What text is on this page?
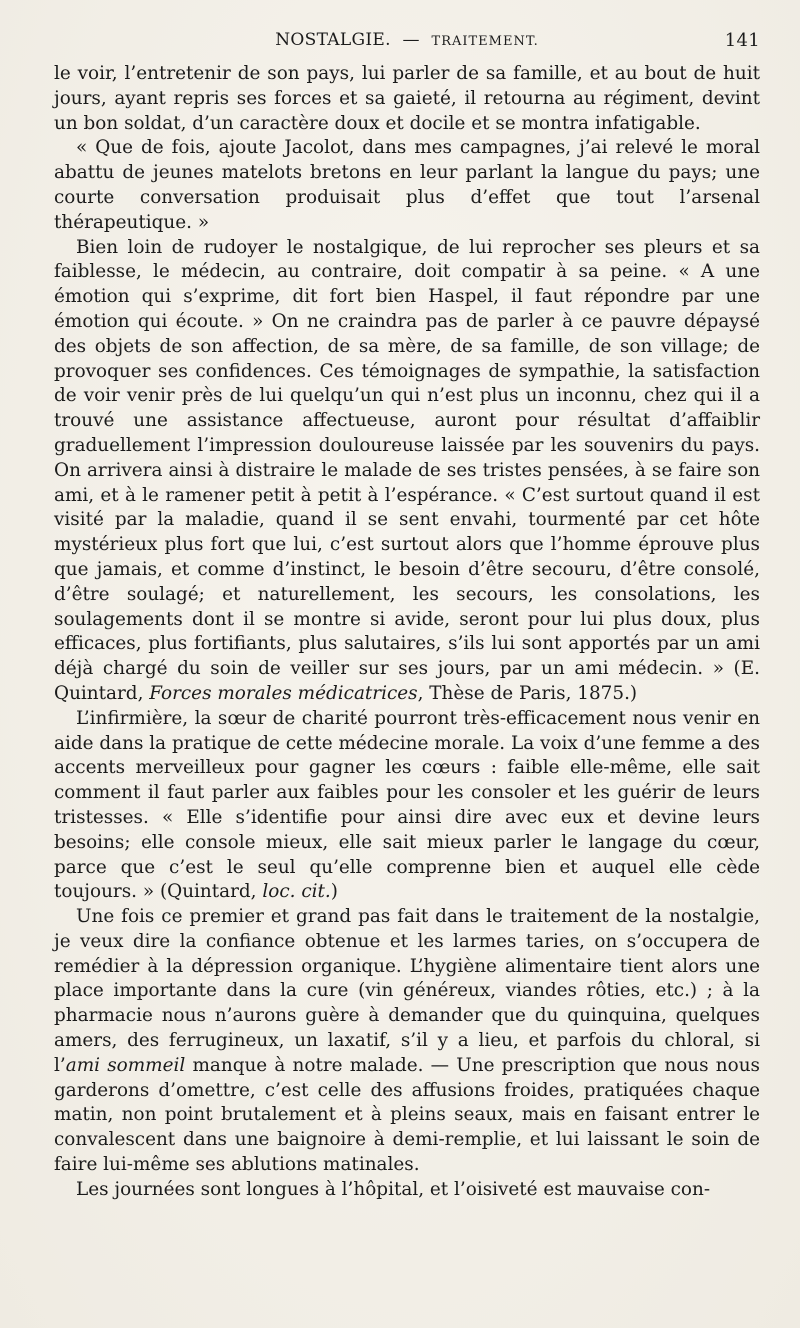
NOSTALGIE. — TRAITEMENT.	141

le voir, l’entretenir de son pays, lui parler de sa famille, et au bout de huit jours, ayant repris ses forces et sa gaieté, il retourna au régiment, devint un bon soldat, d’un caractère doux et docile et se montra infatigable.

« Que de fois, ajoute Jacolot, dans mes campagnes, j’ai relevé le moral abattu de jeunes matelots bretons en leur parlant la langue du pays; une courte conversation produisait plus d’effet que tout l’arsenal thérapeutique. »

Bien loin de rudoyer le nostalgique, de lui reprocher ses pleurs et sa faiblesse, le médecin, au contraire, doit compatir à sa peine. « A une émotion qui s’exprime, dit fort bien Haspel, il faut répondre par une émotion qui écoute. » On ne craindra pas de parler à ce pauvre dépaysé des objets de son affection, de sa mère, de sa famille, de son village; de provoquer ses confidences. Ces témoignages de sympathie, la satisfaction de voir venir près de lui quelqu’un qui n’est plus un inconnu, chez qui il a trouvé une assistance affectueuse, auront pour résultat d’affaiblir graduellement l’impression douloureuse laissée par les souvenirs du pays. On arrivera ainsi à distraire le malade de ses tristes pensées, à se faire son ami, et à le ramener petit à petit à l’espérance. « C’est surtout quand il est visité par la maladie, quand il se sent envahi, tourmenté par cet hôte mystérieux plus fort que lui, c’est surtout alors que l’homme éprouve plus que jamais, et comme d’instinct, le besoin d’être secouru, d’être consolé, d’être soulagé; et naturellement, les secours, les consolations, les soulagements dont il se montre si avide, seront pour lui plus doux, plus efficaces, plus fortifiants, plus salutaires, s’ils lui sont apportés par un ami déjà chargé du soin de veiller sur ses jours, par un ami médecin. » (E. Quintard, Forces morales médicatrices, Thèse de Paris, 1875.)

L’infirmière, la sœur de charité pourront très-efficacement nous venir en aide dans la pratique de cette médecine morale. La voix d’une femme a des accents merveilleux pour gagner les cœurs : faible elle-même, elle sait comment il faut parler aux faibles pour les consoler et les guérir de leurs tristesses. « Elle s’identifie pour ainsi dire avec eux et devine leurs besoins; elle console mieux, elle sait mieux parler le langage du cœur, parce que c’est le seul qu’elle comprenne bien et auquel elle cède toujours. » (Quintard, loc. cit.)

Une fois ce premier et grand pas fait dans le traitement de la nostalgie, je veux dire la confiance obtenue et les larmes taries, on s’occupera de remédier à la dépression organique. L’hygiène alimentaire tient alors une place importante dans la cure (vin généreux, viandes rôties, etc.) ; à la pharmacie nous n’aurons guère à demander que du quinquina, quelques amers, des ferrugineux, un laxatif, s’il y a lieu, et parfois du chloral, si l’ami sommeil manque à notre malade. — Une prescription que nous nous garderons d’omettre, c’est celle des affusions froides, pratiquées chaque matin, non point brutalement et à pleins seaux, mais en faisant entrer le convalescent dans une baignoire à demi-remplie, et lui laissant le soin de faire lui-même ses ablutions matinales.

Les journées sont longues à l’hôpital, et l’oisiveté est mauvaise con-
